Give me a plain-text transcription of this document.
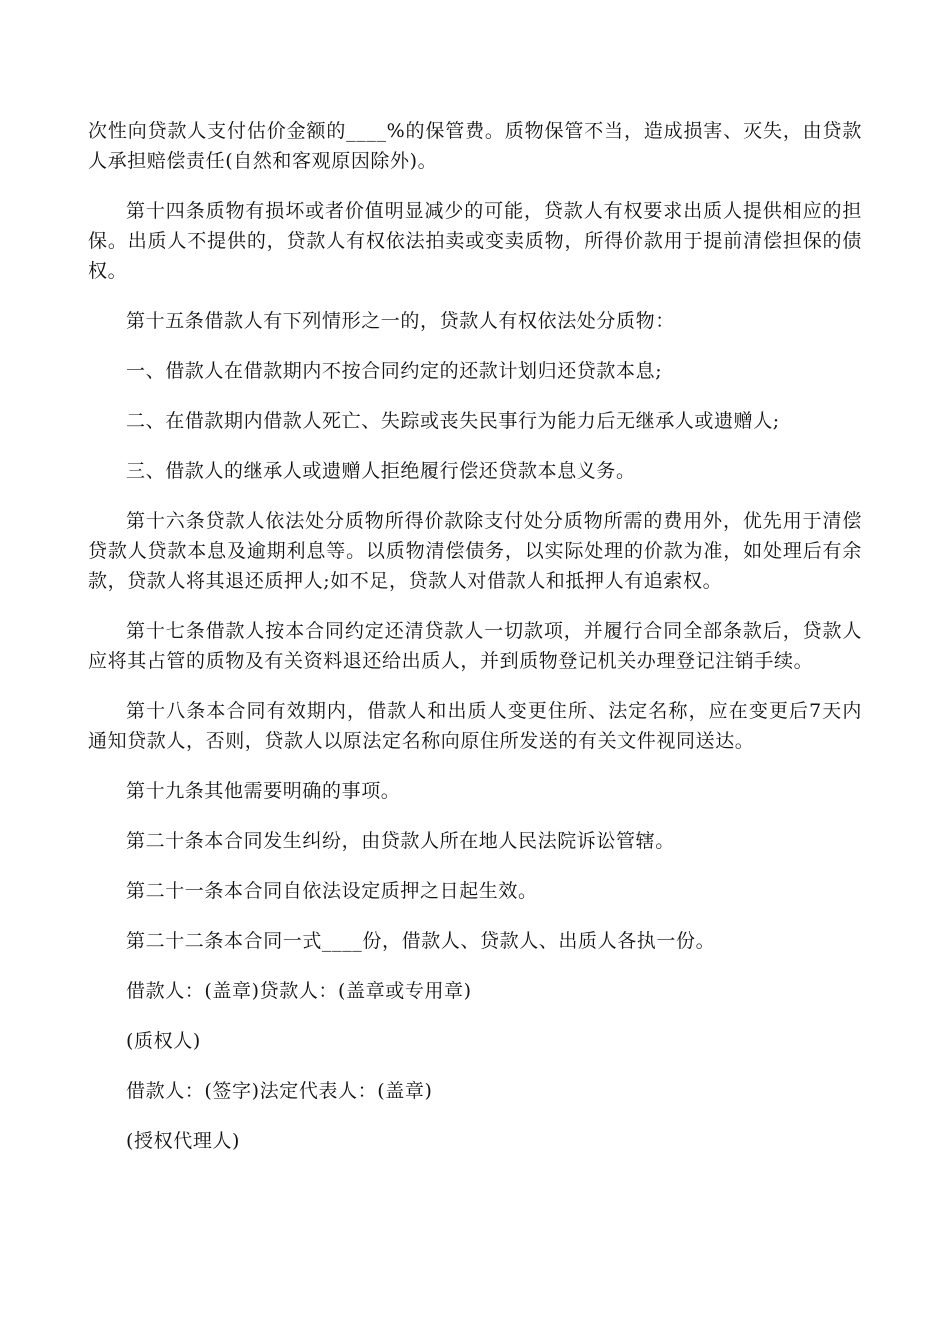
次性向贷款人支付估价金额的____%的保管费。质物保管不当，造成损害、灭失，由贷款人承担赔偿责任(自然和客观原因除外)。

第十四条质物有损坏或者价值明显减少的可能，贷款人有权要求出质人提供相应的担保。出质人不提供的，贷款人有权依法拍卖或变卖质物，所得价款用于提前清偿担保的债权。

第十五条借款人有下列情形之一的，贷款人有权依法处分质物：

一、借款人在借款期内不按合同约定的还款计划归还贷款本息;

二、在借款期内借款人死亡、失踪或丧失民事行为能力后无继承人或遗赠人;

三、借款人的继承人或遗赠人拒绝履行偿还贷款本息义务。

第十六条贷款人依法处分质物所得价款除支付处分质物所需的费用外，优先用于清偿贷款人贷款本息及逾期利息等。以质物清偿债务，以实际处理的价款为准，如处理后有余款，贷款人将其退还质押人;如不足，贷款人对借款人和抵押人有追索权。

第十七条借款人按本合同约定还清贷款人一切款项，并履行合同全部条款后，贷款人应将其占管的质物及有关资料退还给出质人，并到质物登记机关办理登记注销手续。

第十八条本合同有效期内，借款人和出质人变更住所、法定名称，应在变更后7天内通知贷款人，否则，贷款人以原法定名称向原住所发送的有关文件视同送达。

第十九条其他需要明确的事项。

第二十条本合同发生纠纷，由贷款人所在地人民法院诉讼管辖。

第二十一条本合同自依法设定质押之日起生效。

第二十二条本合同一式____份，借款人、贷款人、出质人各执一份。

借款人：(盖章)贷款人：(盖章或专用章)

(质权人)

借款人：(签字)法定代表人：(盖章)

(授权代理人)
